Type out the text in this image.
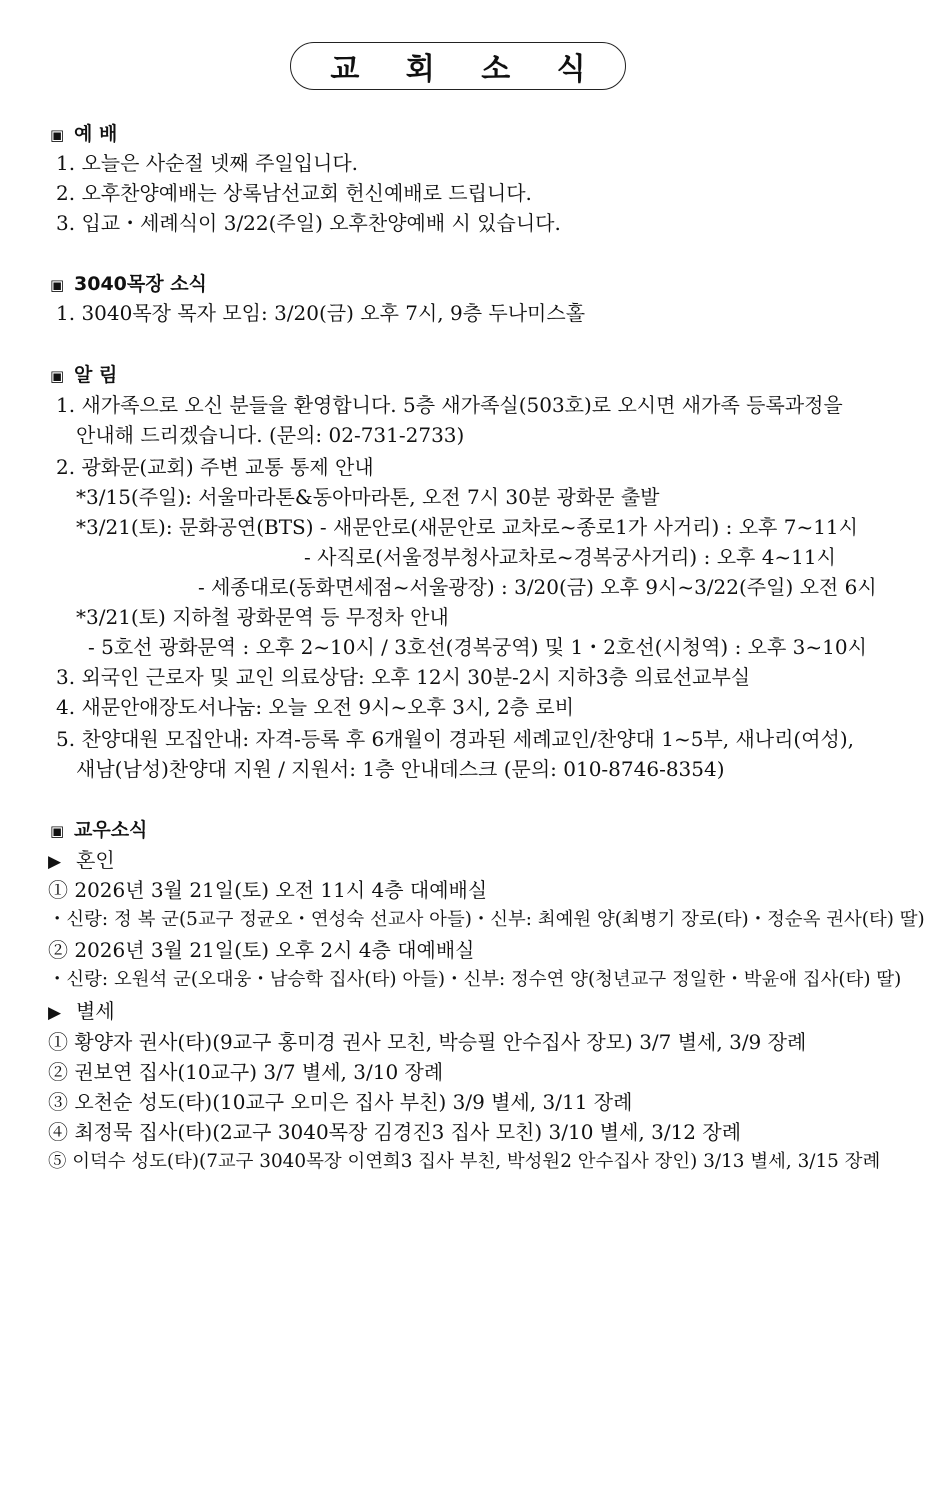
교 회 소 식
▣ 예 배
1. 오늘은 사순절 넷째 주일입니다.
2. 오후찬양예배는 상록남선교회 헌신예배로 드립니다.
3. 입교・세례식이 3/22(주일) 오후찬양예배 시 있습니다.
▣ 3040목장 소식
1. 3040목장 목자 모임: 3/20(금) 오후 7시, 9층 두나미스홀
▣ 알 림
1. 새가족으로 오신 분들을 환영합니다. 5층 새가족실(503호)로 오시면 새가족 등록과정을
안내해 드리겠습니다. (문의: 02-731-2733)
2. 광화문(교회) 주변 교통 통제 안내
*3/15(주일): 서울마라톤&동아마라톤, 오전 7시 30분 광화문 출발
*3/21(토): 문화공연(BTS) - 새문안로(새문안로 교차로~종로1가 사거리) : 오후 7~11시
- 사직로(서울정부청사교차로~경복궁사거리) : 오후 4~11시
- 세종대로(동화면세점~서울광장) : 3/20(금) 오후 9시~3/22(주일) 오전 6시
*3/21(토) 지하철 광화문역 등 무정차 안내
- 5호선 광화문역 : 오후 2~10시 / 3호선(경복궁역) 및 1・2호선(시청역) : 오후 3~10시
3. 외국인 근로자 및 교인 의료상담: 오후 12시 30분-2시 지하3층 의료선교부실
4. 새문안애장도서나눔: 오늘 오전 9시~오후 3시, 2층 로비
5. 찬양대원 모집안내: 자격-등록 후 6개월이 경과된 세례교인/찬양대 1~5부, 새나리(여성),
새남(남성)찬양대 지원 / 지원서: 1층 안내데스크 (문의: 010-8746-8354)
▣ 교우소식
▶ 혼인
① 2026년 3월 21일(토) 오전 11시 4층 대예배실
・신랑: 정 복 군(5교구 정균오・연성숙 선교사 아들)・신부: 최예원 양(최병기 장로(타)・정순옥 권사(타) 딸)
② 2026년 3월 21일(토) 오후 2시 4층 대예배실
・신랑: 오원석 군(오대웅・남승학 집사(타) 아들)・신부: 정수연 양(청년교구 정일한・박윤애 집사(타) 딸)
▶ 별세
① 황양자 권사(타)(9교구 홍미경 권사 모친, 박승필 안수집사 장모) 3/7 별세, 3/9 장례
② 권보연 집사(10교구) 3/7 별세, 3/10 장례
③ 오천순 성도(타)(10교구 오미은 집사 부친) 3/9 별세, 3/11 장례
④ 최정묵 집사(타)(2교구 3040목장 김경진3 집사 모친) 3/10 별세, 3/12 장례
⑤ 이덕수 성도(타)(7교구 3040목장 이연희3 집사 부친, 박성원2 안수집사 장인) 3/13 별세, 3/15 장례
